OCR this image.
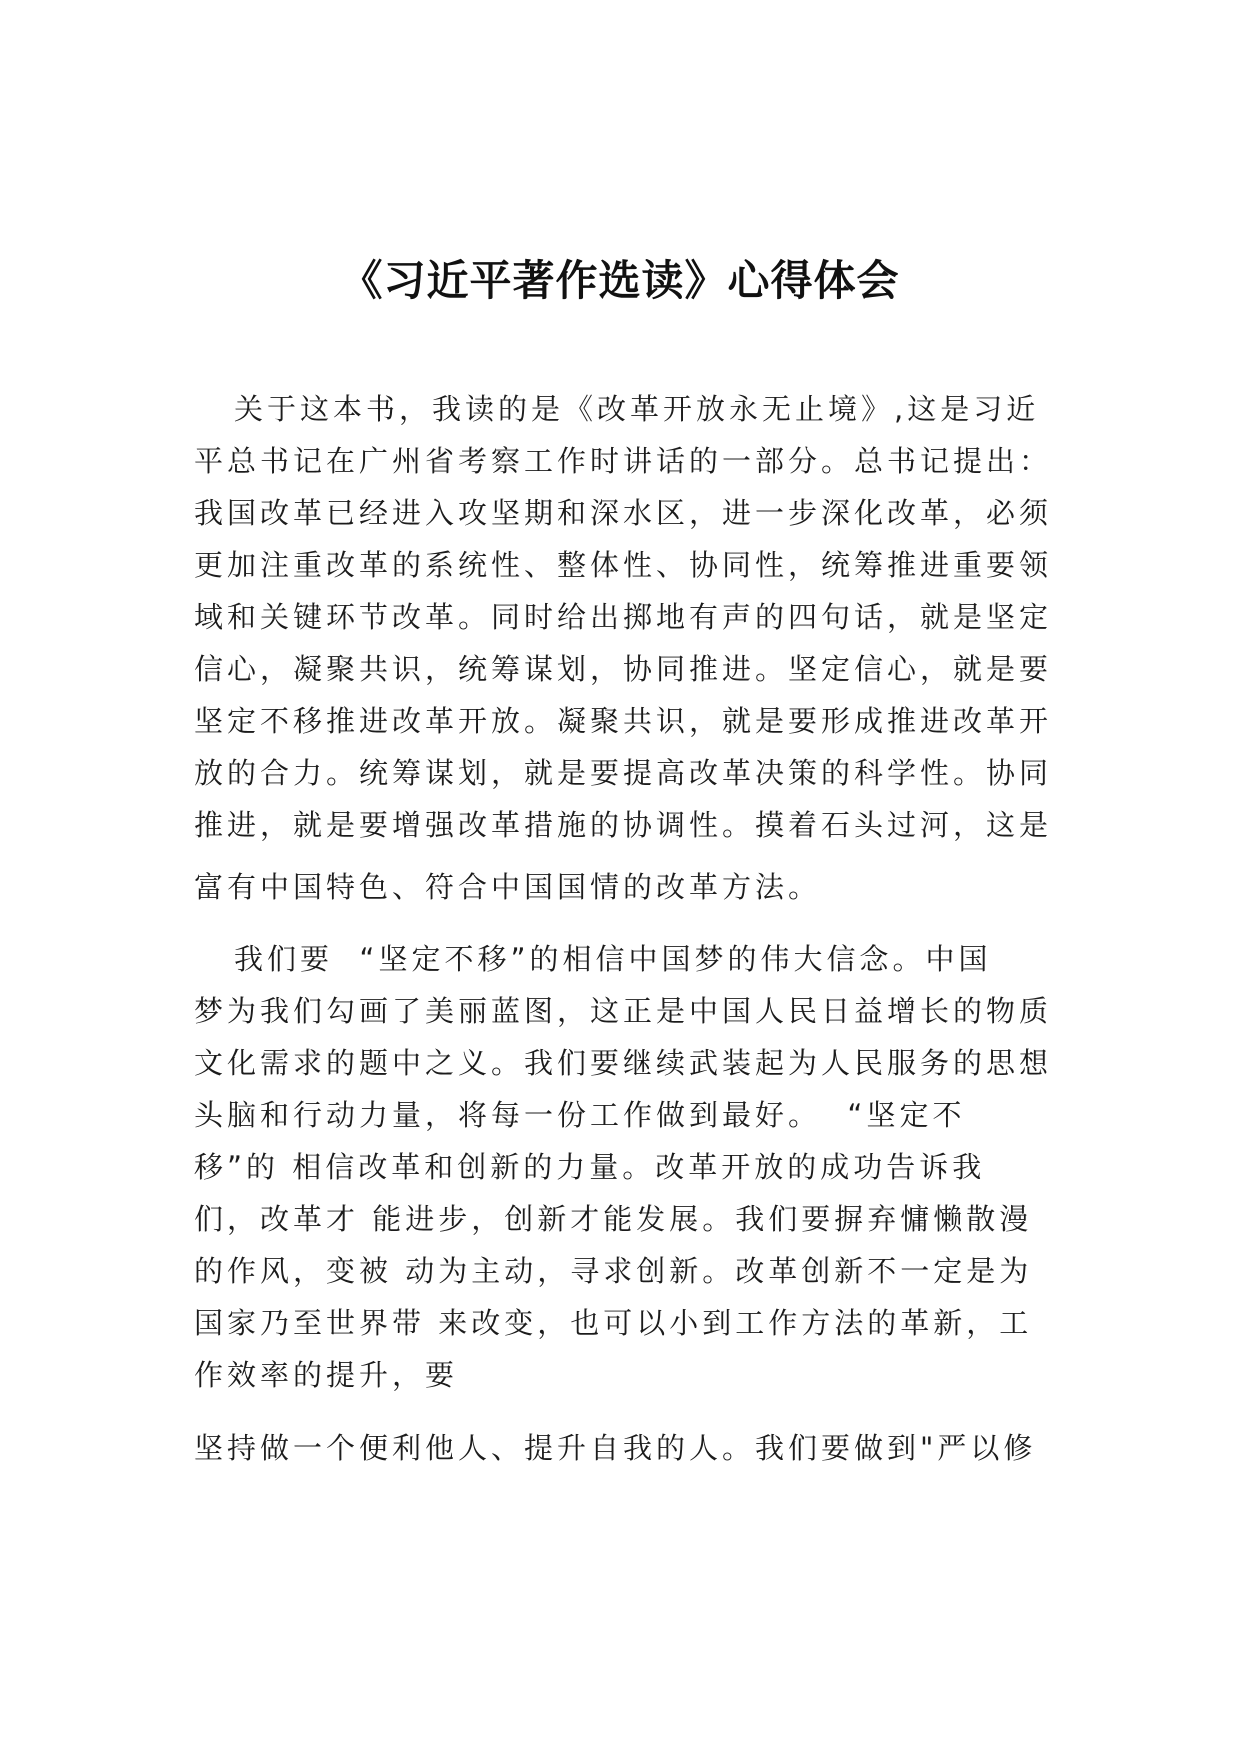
《习近平著作选读》心得体会
关于这本书，我读的是《改革开放永无止境》,这是习近
平总书记在广州省考察工作时讲话的一部分。总书记提出：
我国改革已经进入攻坚期和深水区，进一步深化改革，必须
更加注重改革的系统性、整体性、协同性，统筹推进重要领
域和关键环节改革。同时给出掷地有声的四句话，就是坚定
信心，凝聚共识，统筹谋划，协同推进。坚定信心，就是要
坚定不移推进改革开放。凝聚共识，就是要形成推进改革开
放的合力。统筹谋划，就是要提高改革决策的科学性。协同
推进，就是要增强改革措施的协调性。摸着石头过河，这是
富有中国特色、符合中国国情的改革方法。
我们要  “坚定不移”的相信中国梦的伟大信念。中国
梦为我们勾画了美丽蓝图，这正是中国人民日益增长的物质
文化需求的题中之义。我们要继续武装起为人民服务的思想
头脑和行动力量，将每一份工作做到最好。  “坚定不
移”的 相信改革和创新的力量。改革开放的成功告诉我
们，改革才 能进步，创新才能发展。我们要摒弃慵懒散漫
的作风，变被 动为主动，寻求创新。改革创新不一定是为
国家乃至世界带 来改变，也可以小到工作方法的革新，工
作效率的提升，要
坚持做一个便利他人、提升自我的人。我们要做到"严以修
